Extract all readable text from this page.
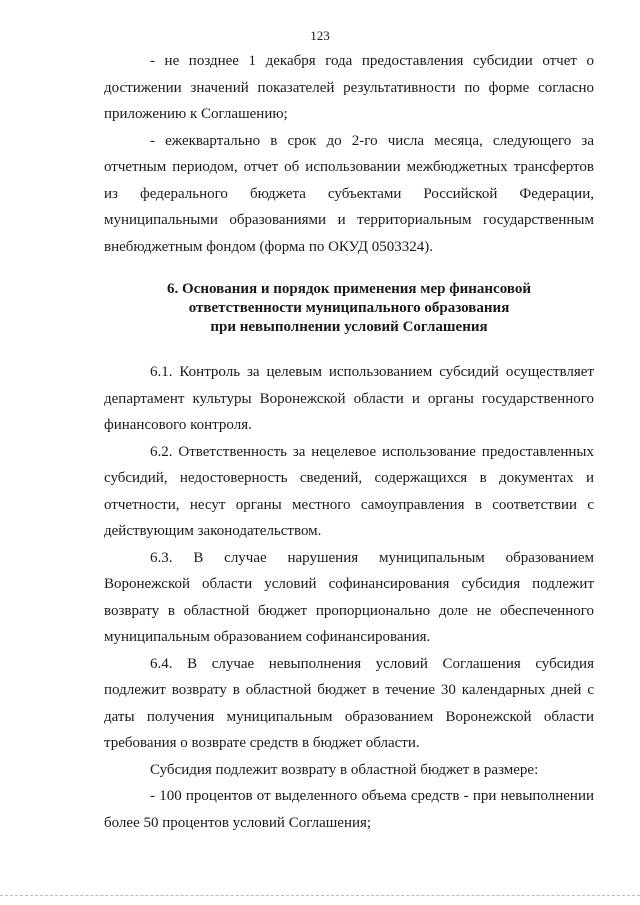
123

- не позднее 1 декабря года предоставления субсидии отчет о достижении значений показателей результативности по форме согласно приложению к Соглашению;

- ежеквартально в срок до 2-го числа месяца, следующего за отчетным периодом, отчет об использовании межбюджетных трансфертов из федерального бюджета субъектами Российской Федерации, муниципальными образованиями и территориальным государственным внебюджетным фондом (форма по ОКУД 0503324).

6. Основания и порядок применения мер финансовой
ответственности муниципального образования
при невыполнении условий Соглашения

6.1. Контроль за целевым использованием субсидий осуществляет департамент культуры Воронежской области и органы государственного финансового контроля.

6.2. Ответственность за нецелевое использование предоставленных субсидий, недостоверность сведений, содержащихся в документах и отчетности, несут органы местного самоуправления в соответствии с действующим законодательством.

6.3. В случае нарушения муниципальным образованием Воронежской области условий софинансирования субсидия подлежит возврату в областной бюджет пропорционально доле не обеспеченного муниципальным образованием софинансирования.

6.4. В случае невыполнения условий Соглашения субсидия подлежит возврату в областной бюджет в течение 30 календарных дней с даты получения муниципальным образованием Воронежской области требования о возврате средств в бюджет области.

Субсидия подлежит возврату в областной бюджет в размере:

- 100 процентов от выделенного объема средств - при невыполнении более 50 процентов условий Соглашения;
